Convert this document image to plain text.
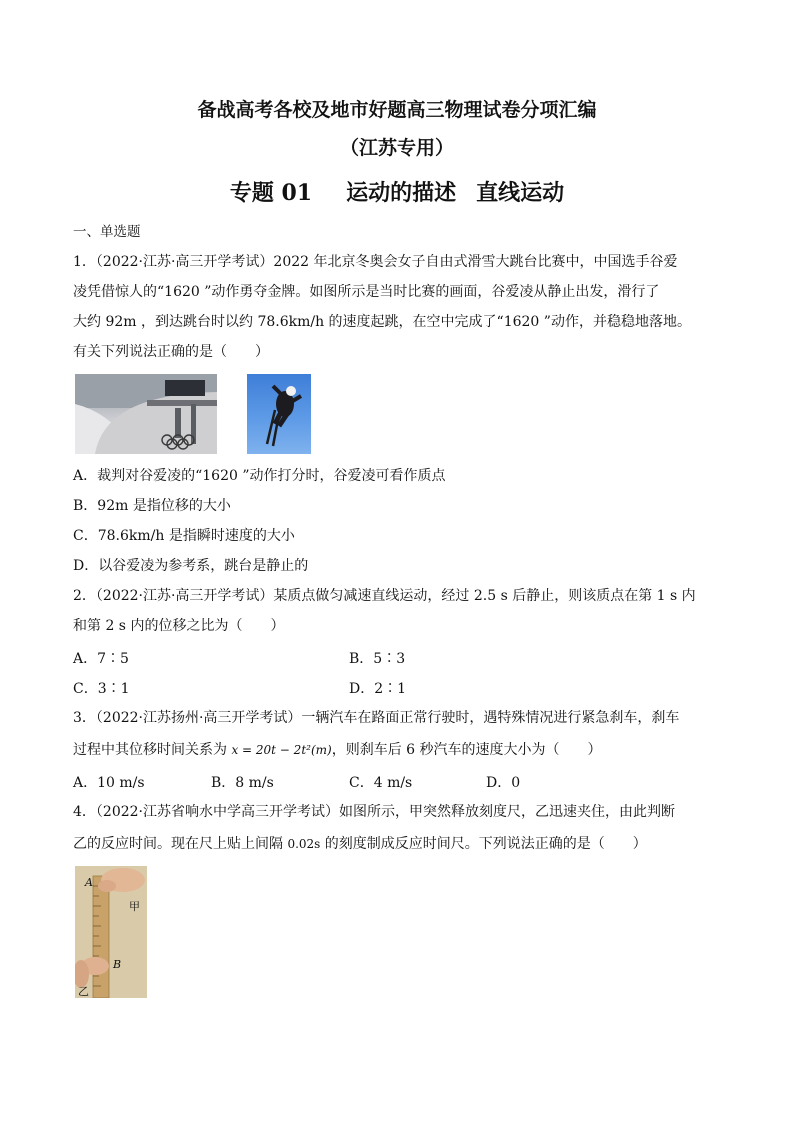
备战高考各校及地市好题高三物理试卷分项汇编
（江苏专用）
专题 01 运动的描述 直线运动
一、单选题
1．（2022·江苏·高三开学考试）2022 年北京冬奥会女子自由式滑雪大跳台比赛中，中国选手谷爱
凌凭借惊人的“1620 ”动作勇夺金牌。如图所示是当时比赛的画面，谷爱凌从静止出发，滑行了
大约 92m ，到达跳台时以约 78.6km/h 的速度起跳，在空中完成了“1620 ”动作，并稳稳地落地。
有关下列说法正确的是（　　）
A．裁判对谷爱凌的“1620 ”动作打分时，谷爱凌可看作质点
B．92m 是指位移的大小
C．78.6km/h 是指瞬时速度的大小
D．以谷爱凌为参考系，跳台是静止的
2．（2022·江苏·高三开学考试）某质点做匀减速直线运动，经过 2.5 s 后静止，则该质点在第 1 s 内
和第 2 s 内的位移之比为（　　）
A．7∶5	B．5∶3
C．3∶1	D．2∶1
3．（2022·江苏扬州·高三开学考试）一辆汽车在路面正常行驶时，遇特殊情况进行紧急刹车，刹车
过程中其位移时间关系为 x = 20t − 2t²(m)，则刹车后 6 秒汽车的速度大小为（　　）
A．10 m/s	B．8 m/s	C．4 m/s	D．0
4．（2022·江苏省响水中学高三开学考试）如图所示，甲突然释放刻度尺，乙迅速夹住，由此判断
乙的反应时间。现在尺上贴上间隔 0.02s 的刻度制成反应时间尺。下列说法正确的是（　　）
A
甲
B
乙
